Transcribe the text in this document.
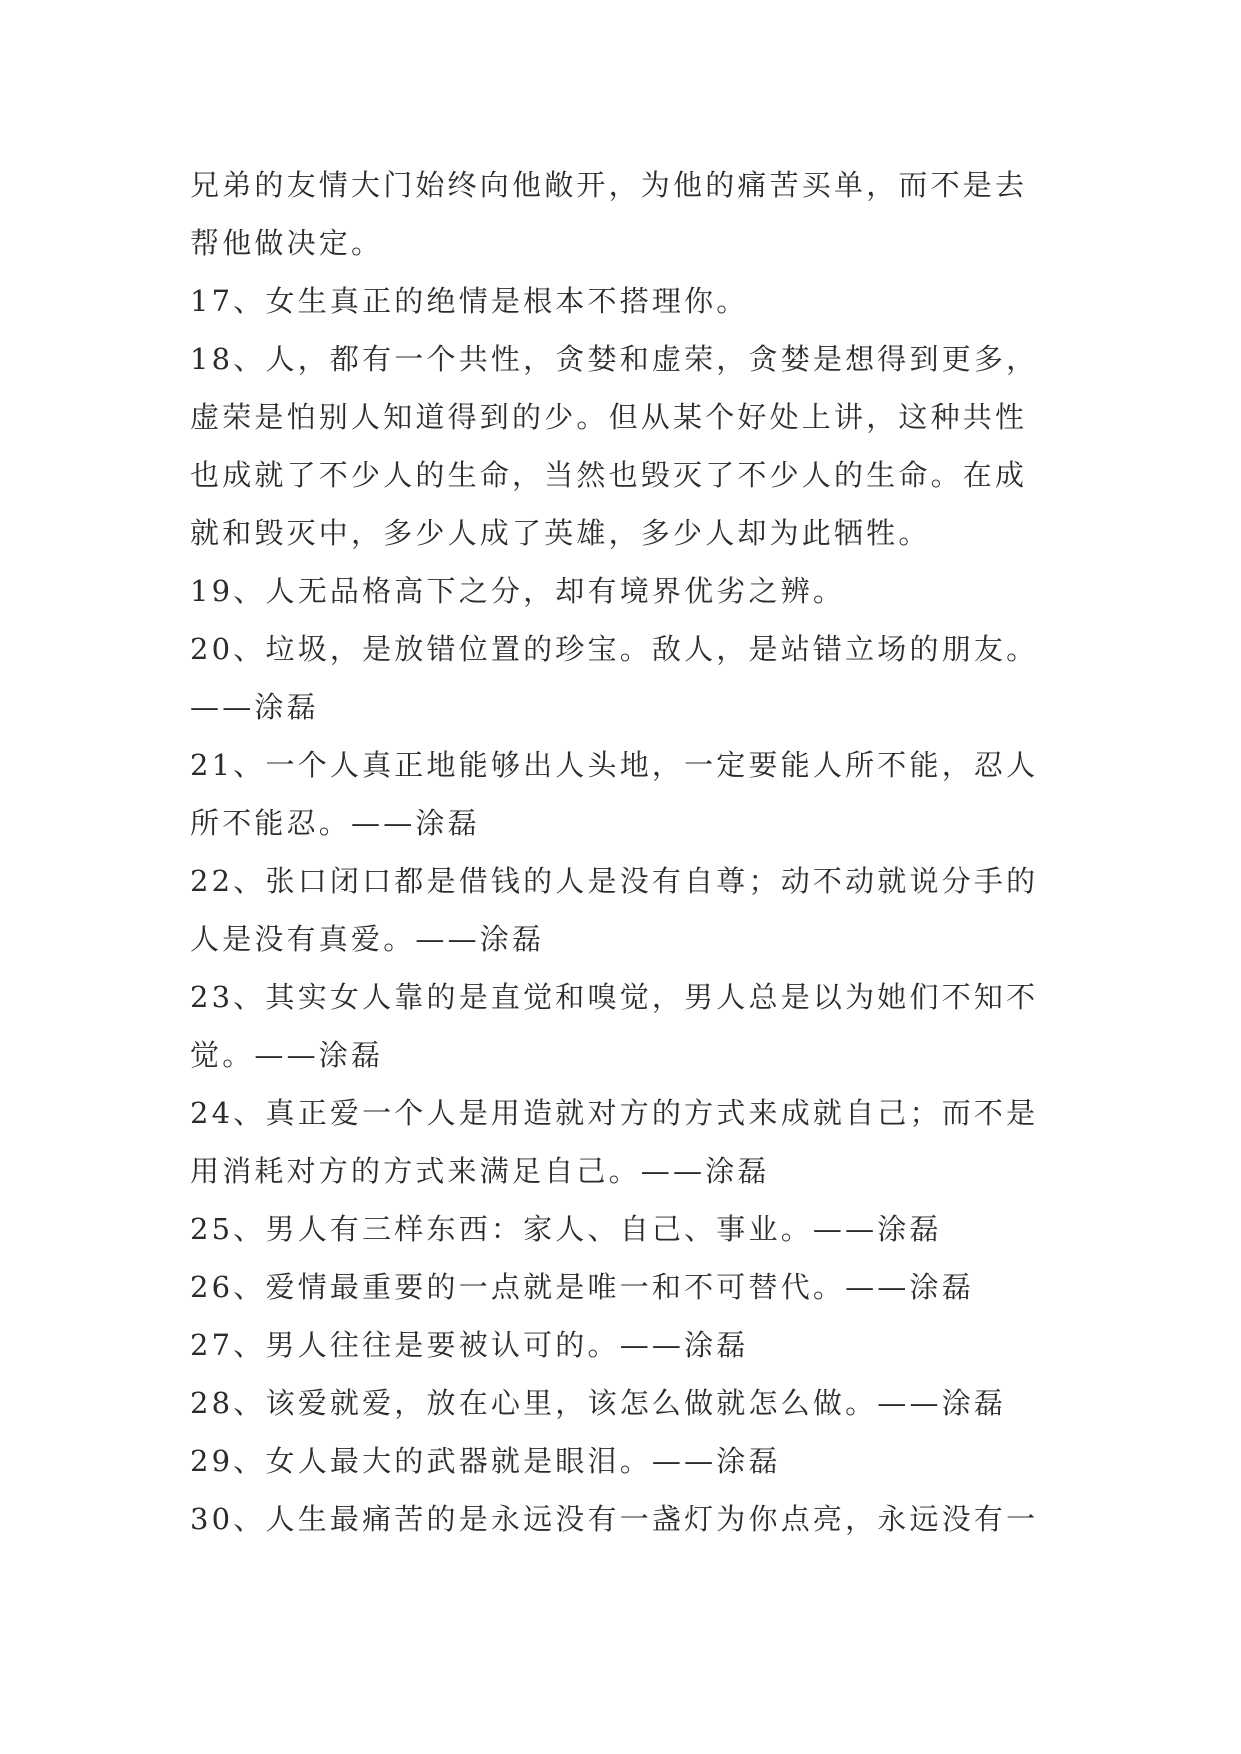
兄弟的友情大门始终向他敞开，为他的痛苦买单，而不是去
帮他做决定。
17、女生真正的绝情是根本不搭理你。
18、人，都有一个共性，贪婪和虚荣，贪婪是想得到更多，
虚荣是怕别人知道得到的少。但从某个好处上讲，这种共性
也成就了不少人的生命，当然也毁灭了不少人的生命。在成
就和毁灭中，多少人成了英雄，多少人却为此牺牲。
19、人无品格高下之分，却有境界优劣之辨。
20、垃圾，是放错位置的珍宝。敌人，是站错立场的朋友。
——涂磊
21、一个人真正地能够出人头地，一定要能人所不能，忍人
所不能忍。——涂磊
22、张口闭口都是借钱的人是没有自尊；动不动就说分手的
人是没有真爱。——涂磊
23、其实女人靠的是直觉和嗅觉，男人总是以为她们不知不
觉。——涂磊
24、真正爱一个人是用造就对方的方式来成就自己；而不是
用消耗对方的方式来满足自己。——涂磊
25、男人有三样东西：家人、自己、事业。——涂磊
26、爱情最重要的一点就是唯一和不可替代。——涂磊
27、男人往往是要被认可的。——涂磊
28、该爱就爱，放在心里，该怎么做就怎么做。——涂磊
29、女人最大的武器就是眼泪。——涂磊
30、人生最痛苦的是永远没有一盏灯为你点亮，永远没有一
